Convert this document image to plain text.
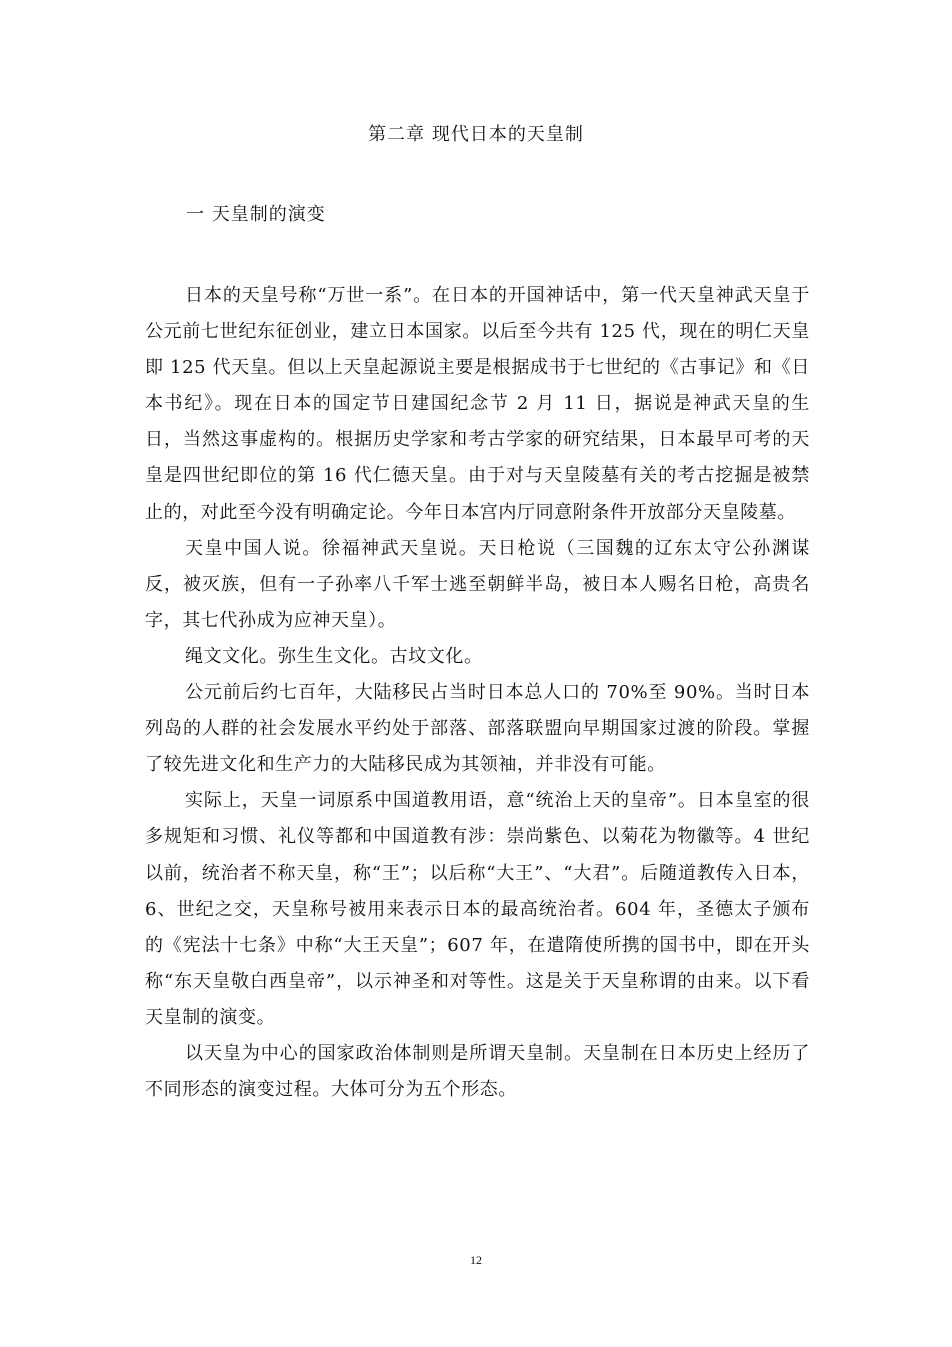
第二章 现代日本的天皇制
一 天皇制的演变

日本的天皇号称“万世一系”。在日本的开国神话中，第一代天皇神武天皇于公元前七世纪东征创业，建立日本国家。以后至今共有 125 代，现在的明仁天皇即 125 代天皇。但以上天皇起源说主要是根据成书于七世纪的《古事记》和《日本书纪》。现在日本的国定节日建国纪念节 2 月 11 日，据说是神武天皇的生日，当然这事虚构的。根据历史学家和考古学家的研究结果，日本最早可考的天皇是四世纪即位的第 16 代仁德天皇。由于对与天皇陵墓有关的考古挖掘是被禁止的，对此至今没有明确定论。今年日本宫内厅同意附条件开放部分天皇陵墓。

天皇中国人说。徐福神武天皇说。天日枪说（三国魏的辽东太守公孙渊谋反，被灭族，但有一子孙率八千军士逃至朝鲜半岛，被日本人赐名日枪，高贵名字，其七代孙成为应神天皇）。

绳文文化。弥生生文化。古坟文化。

公元前后约七百年，大陆移民占当时日本总人口的 70%至 90%。当时日本列岛的人群的社会发展水平约处于部落、部落联盟向早期国家过渡的阶段。掌握了较先进文化和生产力的大陆移民成为其领袖，并非没有可能。

实际上，天皇一词原系中国道教用语，意“统治上天的皇帝”。日本皇室的很多规矩和习惯、礼仪等都和中国道教有涉：崇尚紫色、以菊花为物徽等。4 世纪以前，统治者不称天皇，称“王”；以后称“大王”、“大君”。后随道教传入日本，6、世纪之交，天皇称号被用来表示日本的最高统治者。604 年，圣德太子颁布的《宪法十七条》中称“大王天皇”；607 年，在遣隋使所携的国书中，即在开头称“东天皇敬白西皇帝”，以示神圣和对等性。这是关于天皇称谓的由来。以下看天皇制的演变。

以天皇为中心的国家政治体制则是所谓天皇制。天皇制在日本历史上经历了不同形态的演变过程。大体可分为五个形态。

12
